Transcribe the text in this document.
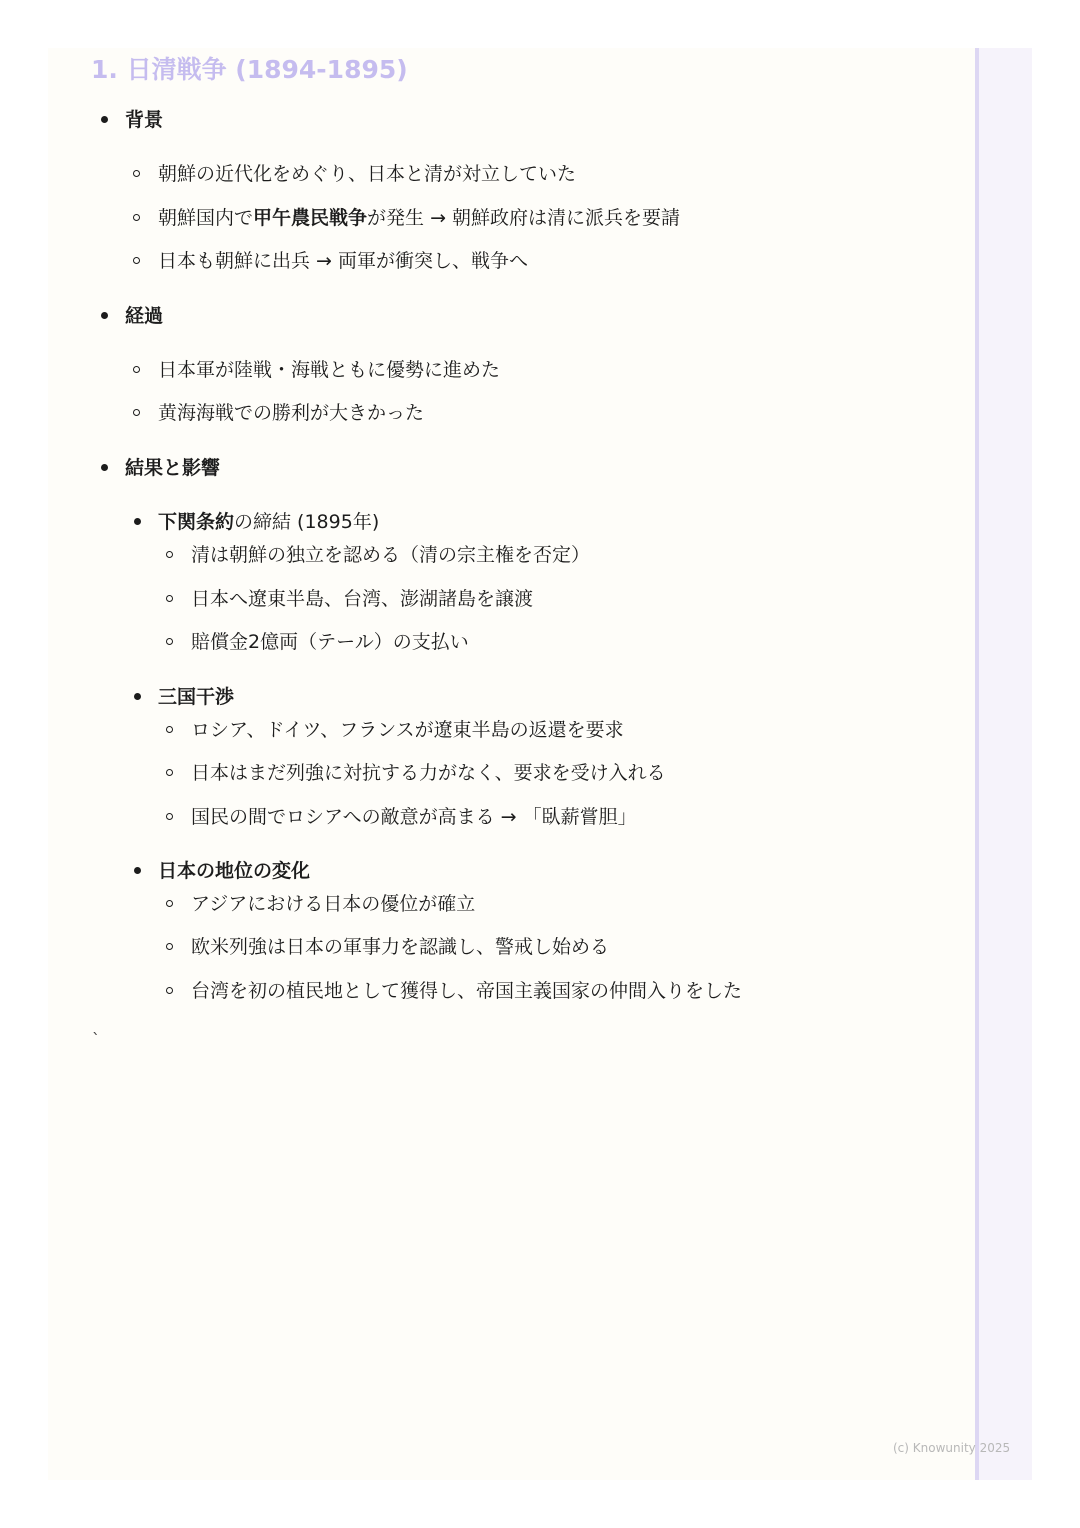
1. 日清戦争 (1894-1895)
背景
朝鮮の近代化をめぐり、日本と清が対立していた
朝鮮国内で甲午農民戦争が発生 → 朝鮮政府は清に派兵を要請
日本も朝鮮に出兵 → 両軍が衝突し、戦争へ
経過
日本軍が陸戦・海戦ともに優勢に進めた
黄海海戦での勝利が大きかった
結果と影響
下関条約の締結 (1895年)
清は朝鮮の独立を認める（清の宗主権を否定）
日本へ遼東半島、台湾、澎湖諸島を譲渡
賠償金2億両（テール）の支払い
三国干渉
ロシア、ドイツ、フランスが遼東半島の返還を要求
日本はまだ列強に対抗する力がなく、要求を受け入れる
国民の間でロシアへの敵意が高まる → 「臥薪嘗胆」
日本の地位の変化
アジアにおける日本の優位が確立
欧米列強は日本の軍事力を認識し、警戒し始める
台湾を初の植民地として獲得し、帝国主義国家の仲間入りをした
`
(c) Knowunity 2025
